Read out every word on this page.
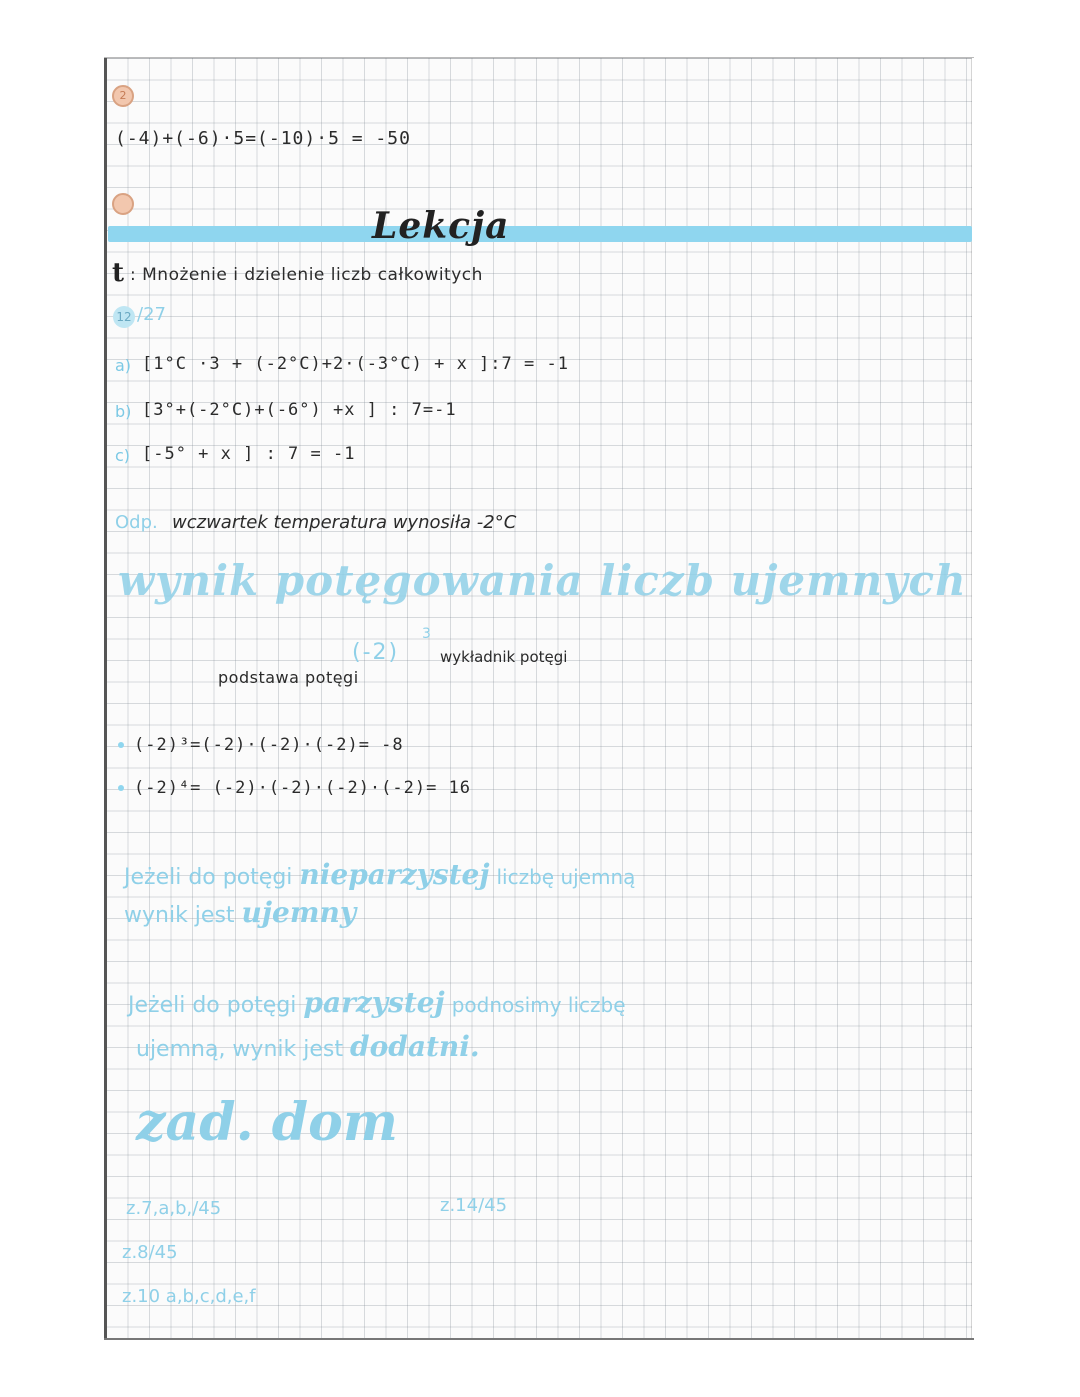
2
(-4)+(-6)·5=(-10)·5 = -50
Lekcja
t : Mnożenie i dzielenie liczb całkowitych
12 /27
a) [1°C ·3 + (-2°C)+2·(-3°C) + x ]:7 = -1
b) [3°+(-2°C)+(-6°) +x ] : 7=-1
c) [-5° + x ] : 7 = -1
Odp. wczwartek temperatura wynosiła -2°C
wynik potęgowania liczb ujemnych
(-2)
3
wykładnik potęgi
podstawa potęgi
(-2)³=(-2)·(-2)·(-2)= -8
(-2)⁴= (-2)·(-2)·(-2)·(-2)= 16
Jeżeli do potęgi nieparzystej liczbę ujemną
wynik jest ujemny
Jeżeli do potęgi parzystej podnosimy liczbę
ujemną, wynik jest dodatni.
zad. dom
z.7,a,b,/45
z.8/45
z.10 a,b,c,d,e,f
z.14/45
